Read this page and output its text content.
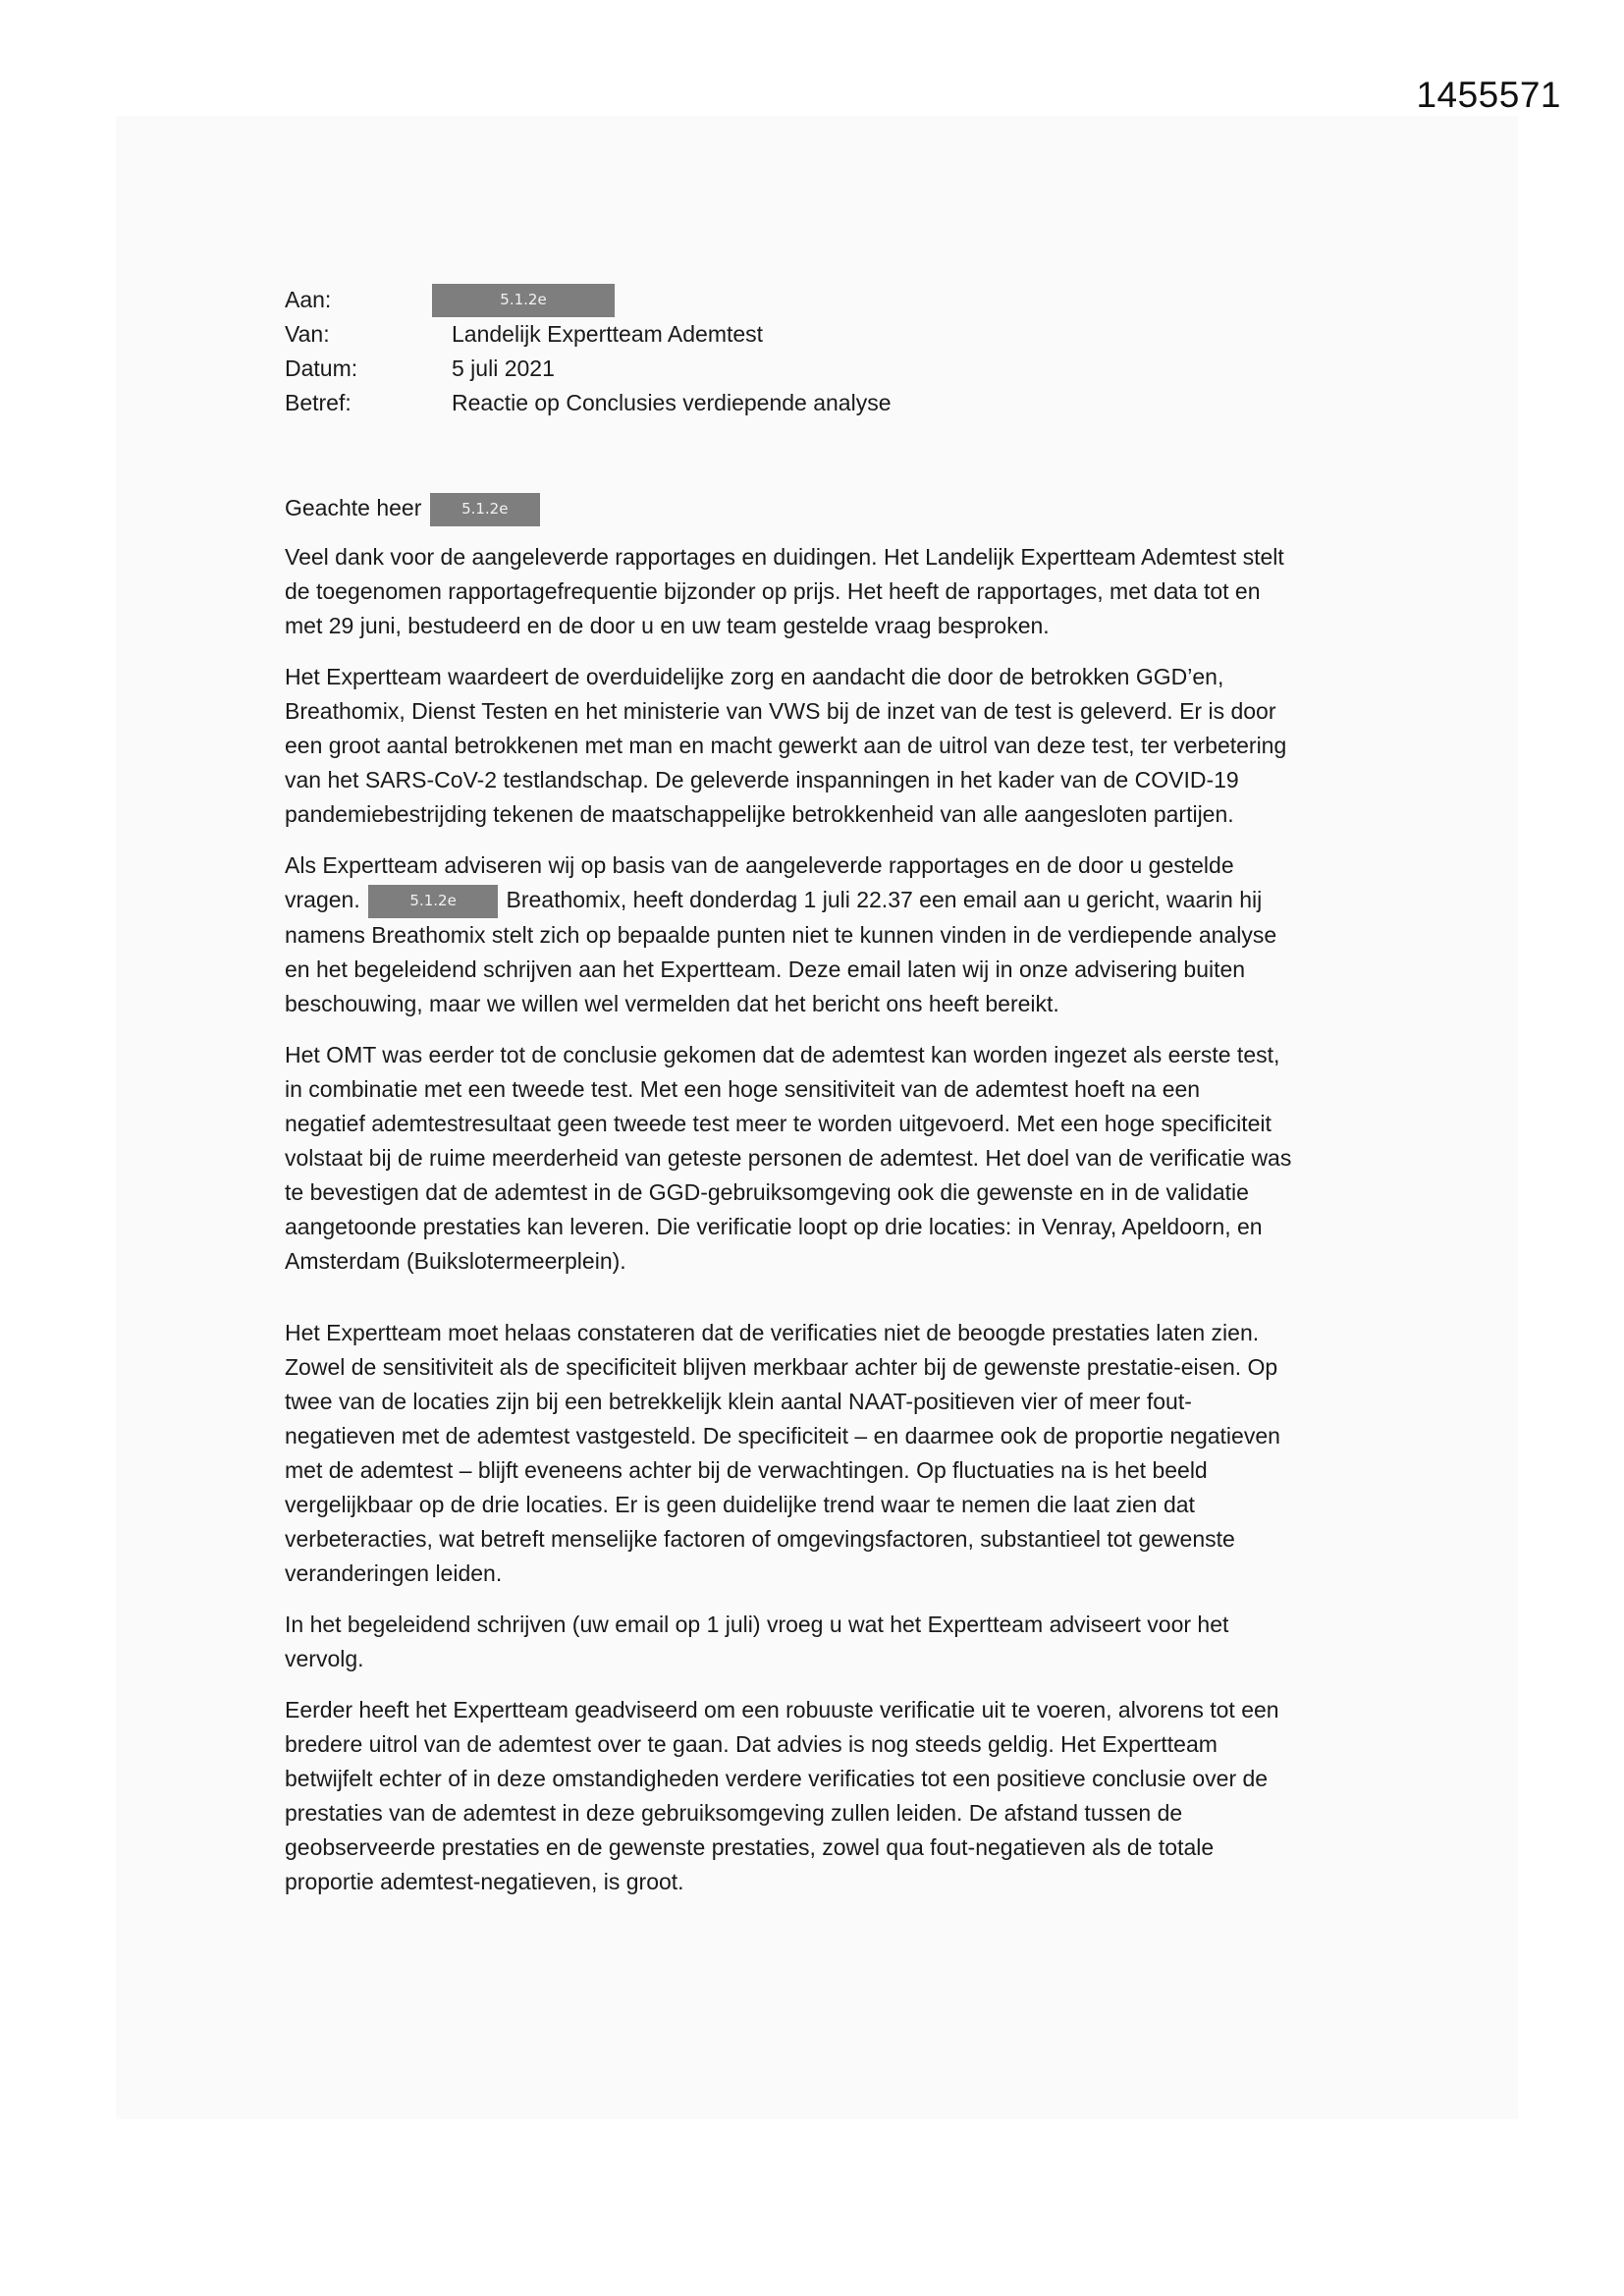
1455571
Aan:	5.1.2e
Van:	Landelijk Expertteam Ademtest
Datum:	5 juli 2021
Betref:	Reactie op Conclusies verdiepende analyse
Geachte heer	5.1.2e
Veel dank voor de aangeleverde rapportages en duidingen. Het Landelijk Expertteam Ademtest stelt
de toegenomen rapportagefrequentie bijzonder op prijs. Het heeft de rapportages, met data tot en
met 29 juni, bestudeerd en de door u en uw team gestelde vraag besproken.
Het Expertteam waardeert de overduidelijke zorg en aandacht die door de betrokken GGD’en,
Breathomix, Dienst Testen en het ministerie van VWS bij de inzet van de test is geleverd. Er is door
een groot aantal betrokkenen met man en macht gewerkt aan de uitrol van deze test, ter verbetering
van het SARS-CoV-2 testlandschap. De geleverde inspanningen in het kader van de COVID-19
pandemiebestrijding tekenen de maatschappelijke betrokkenheid van alle aangesloten partijen.
Als Expertteam adviseren wij op basis van de aangeleverde rapportages en de door u gestelde
vragen.	5.1.2e Breathomix, heeft donderdag 1 juli 22.37 een email aan u gericht, waarin hij
namens Breathomix stelt zich op bepaalde punten niet te kunnen vinden in de verdiepende analyse
en het begeleidend schrijven aan het Expertteam. Deze email laten wij in onze advisering buiten
beschouwing, maar we willen wel vermelden dat het bericht ons heeft bereikt.
Het OMT was eerder tot de conclusie gekomen dat de ademtest kan worden ingezet als eerste test,
in combinatie met een tweede test. Met een hoge sensitiviteit van de ademtest hoeft na een
negatief ademtestresultaat geen tweede test meer te worden uitgevoerd. Met een hoge specificiteit
volstaat bij de ruime meerderheid van geteste personen de ademtest. Het doel van de verificatie was
te bevestigen dat de ademtest in de GGD-gebruiksomgeving ook die gewenste en in de validatie
aangetoonde prestaties kan leveren. Die verificatie loopt op drie locaties: in Venray, Apeldoorn, en
Amsterdam (Buikslotermeerplein).
Het Expertteam moet helaas constateren dat de verificaties niet de beoogde prestaties laten zien.
Zowel de sensitiviteit als de specificiteit blijven merkbaar achter bij de gewenste prestatie-eisen. Op
twee van de locaties zijn bij een betrekkelijk klein aantal NAAT-positieven vier of meer fout-
negatieven met de ademtest vastgesteld. De specificiteit – en daarmee ook de proportie negatieven
met de ademtest – blijft eveneens achter bij de verwachtingen. Op fluctuaties na is het beeld
vergelijkbaar op de drie locaties. Er is geen duidelijke trend waar te nemen die laat zien dat
verbeteracties, wat betreft menselijke factoren of omgevingsfactoren, substantieel tot gewenste
veranderingen leiden.
In het begeleidend schrijven (uw email op 1 juli) vroeg u wat het Expertteam adviseert voor het
vervolg.
Eerder heeft het Expertteam geadviseerd om een robuuste verificatie uit te voeren, alvorens tot een
bredere uitrol van de ademtest over te gaan. Dat advies is nog steeds geldig. Het Expertteam
betwijfelt echter of in deze omstandigheden verdere verificaties tot een positieve conclusie over de
prestaties van de ademtest in deze gebruiksomgeving zullen leiden. De afstand tussen de
geobserveerde prestaties en de gewenste prestaties, zowel qua fout-negatieven als de totale
proportie ademtest-negatieven, is groot.
